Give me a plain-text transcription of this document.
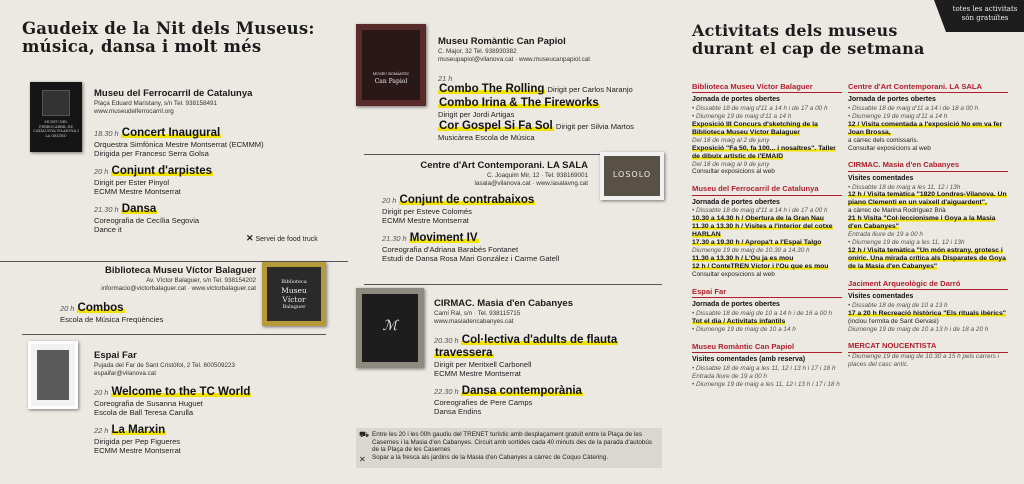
Gaudeix de la Nit dels Museus:
música, dansa i molt més
MUSEU DEL FERROCARRIL DE CATALUNYA VILANOVA I LA GELTRÚ
Museu del Ferrocarril de Catalunya
Plaça Eduard Maristany, s/n Tel. 938158491
www.museudelferrocarril.org
18.30 h Concert Inaugural
Orquestra Simfònica Mestre Montserrat (ECMMM)
Dirigida per Francesc Serra Golsa
20 h Conjunt d'arpistes
Dirigit per Ester Pinyol
ECMM Mestre Montserrat
21.30 h Dansa
Coreografia de Cecília Segovia
Dance it
✕ Servei de food truck
Biblioteca Museu Víctor Balaguer
Av. Víctor Balaguer, s/n Tel. 938154202
informacio@victorbalaguer.cat · www.victorbalaguer.cat
Biblioteca
Museu
Víctor
Balaguer
20 h Combos
Escola de Música Freqüències
Espai Far
Pujada del Far de Sant Cristòfol, 2 Tel. 600509223
espaifar@vilanova.cat
20 h Welcome to the TC World
Coreografia de Susanna Huguet
Escola de Ball Teresa Carulla
22 h La Marxin
Dirigida per Pep Figueres
ECMM Mestre Montserrat
MUSEU ROMÀNTIC
Can Papiol
Museu Romàntic Can Papiol
C. Major, 32 Tel. 938930382
museupapiol@vilanova.cat · www.museucanpapiol.cat
21 h
Combo The Rolling Dirigit per Carlos Naranjo
Combo Irina & The Fireworks
Dirigit per Jordi Artigas
Cor Gospel Si Fa Sol Dirigit per Silvia Martos
Musicàrea Escola de Música
Centre d'Art Contemporani. LA SALA
C. Joaquim Mir, 12 · Tel. 938169001
lasala@vilanova.cat · www.lasalavng.cat
LOSOLO
20 h Conjunt de contrabaixos
Dirigit per Esteve Colomés
ECMM Mestre Montserrat
21.30 h Moviment IV
Coreografia d'Adriana Barabés Fontanet
Estudi de Dansa Rosa Mari González i Carme Gatell
ℳ
CIRMAC. Masia d'en Cabanyes
Camí Ral, s/n · Tel. 938115715
www.masiadencabanyes.cat
20.30 h Col·lectiva d'adults de flauta
travessera
Dirigit per Meritxell Carbonell
ECMM Mestre Montserrat
22.30 h Dansa contemporània
Coreografies de Pere Camps
Dansa Endins
⛟ Entre les 20 i les 00h gaudiu del TRENET turístic amb desplaçament gratuït entre la Plaça de les Casernes i la Masia d'en Cabanyes. Circuit amb sortides cada 40 minuts des de la parada d'autobús de la Plaça de les Casernes
✕ Sopar a la fresca als jardins de la Masia d'en Cabanyes a càrrec de Coquo Càtering.
totes les activitats
són gratuïtes
Activitats dels museus
durant el cap de setmana
Biblioteca Museu Víctor Balaguer
Jornada de portes obertes
• Dissabte 18 de maig d'11 a 14 h i de 17 a 00 h
• Diumenge 19 de maig d'11 a 14 h
Exposició III Concurs d'sketching de la Biblioteca Museu Víctor Balaguer
Del 18 de maig al 2 de juny
Exposició "Fa 50, fa 100... i nosaltres". Taller de dibuix artístic de l'EMAID
Del 18 de maig al 9 de juny
Consultar exposicions al web
Museu del Ferrocarril de Catalunya
Jornada de portes obertes
• Dissabte 18 de maig d'11 a 14 h i de 17 a 00 h
10.30 a 14.30 h / Obertura de la Gran Nau
11.30 a 13.30 h / Visites a l'interior del cotxe HARLAN
17.30 a 19.30 h / Apropa't a l'Espai Talgo
Diumenge 19 de maig de 10.30 a 14.30 h
11.30 a 13.30 h / L'Ou ja es mou
12 h / ConteTREN Víctor i l'Ou que es mou
Consultar exposicions al web
Espai Far
Jornada de portes obertes
• Dissabte 18 de maig de 10 a 14 h i de 16 a 00 h
Tot el dia / Activitats infantils
• Diumenge 19 de maig de 10 a 14 h
Museu Romàntic Can Papiol
Visites comentades (amb reserva)
• Dissabte 18 de maig a les 11, 12 i 13 h i 17 i 18 h Entrada lliure de 19 a 00 h
• Diumenge 19 de maig a les 11, 12 i 13 h i 17 i 18 h
Centre d'Art Contemporani. LA SALA
Jornada de portes obertes
• Dissabte 18 de maig d'11 a 14 i de 18 a 00 h
• Diumenge 19 de maig d'11 a 14 h
12 / Visita comentada a l'exposició No em va fer Joan Brossa,
a càrrec dels comissaris.
Consultar exposicions al web
CIRMAC. Masia d'en Cabanyes
Visites comentades
• Dissabte 18 de maig a les 11, 12 i 13h
12 h / Visita temàtica "1820 Londres-Vilanova. Un piano Clementi en un vaixell d'aiguardent",
a càrrec de Marina Rodríguez Brià
21 h Visita "Col·leccionisme i Goya a la Masia d'en Cabanyes"
Entrada lliure de 19 a 00 h
• Diumenge 19 de maig a les 11, 12 i 13h
12 h / Visita temàtica "Un món estrany, grotesc i oníric. Una mirada crítica als Disparates de Goya de la Masia d'en Cabanyes"
Jaciment Arqueològic de Darró
Visites comentades
• Dissabte 18 de maig de 10 a 13 h
17 a 20 h Recreació històrica "Els rituals ibèrics"
(inclou l'ermita de Sant Gervasi)
Diumenge 19 de maig de 10 a 13 h i de 18 a 20 h
MERCAT NOUCENTISTA
• Diumenge 19 de maig de 10.30 a 15 h pels carrers i places del casc antic.
